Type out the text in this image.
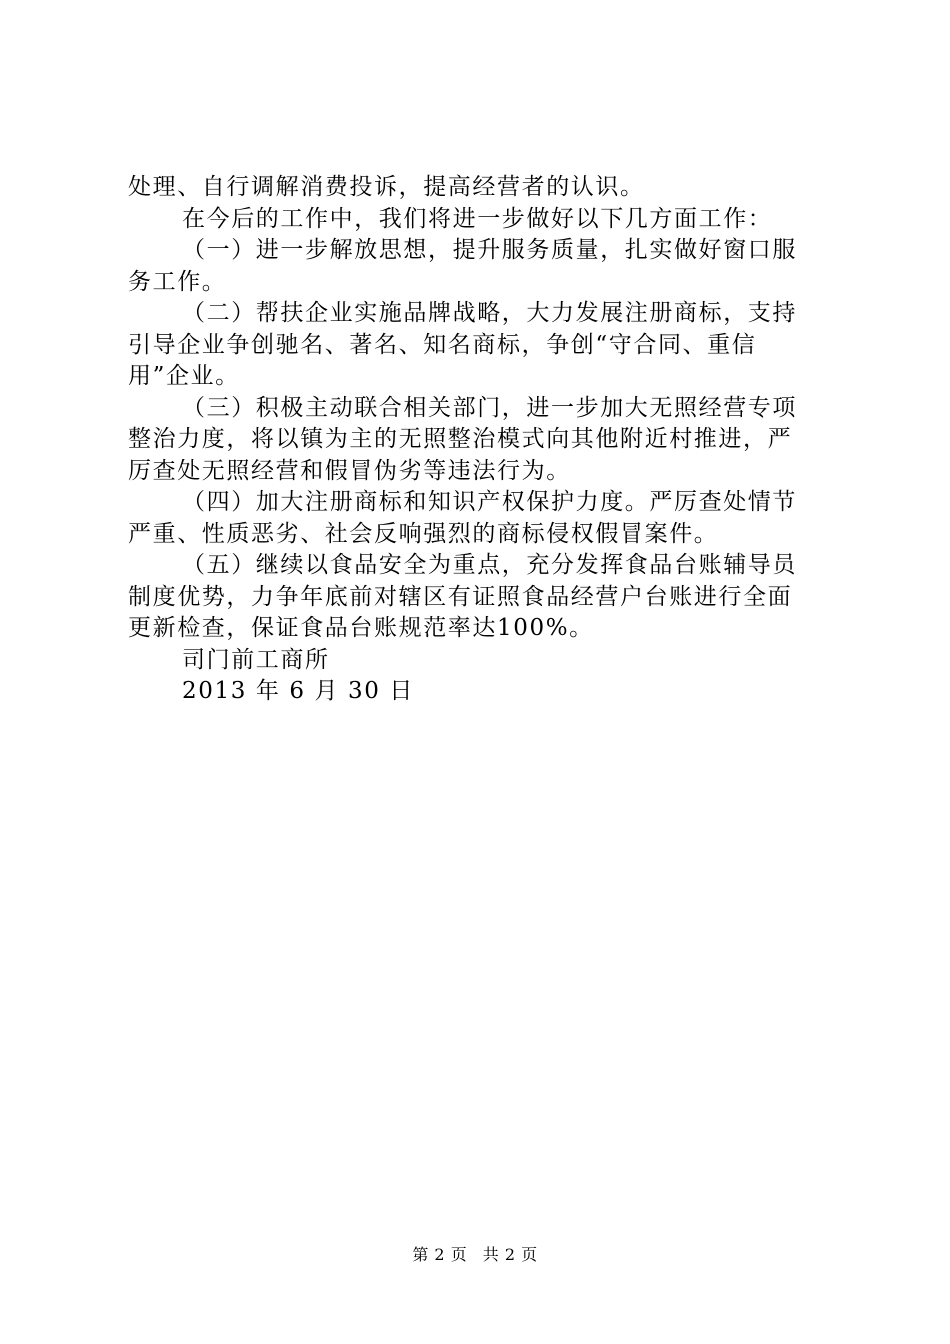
处理、自行调解消费投诉，提高经营者的认识。
在今后的工作中，我们将进一步做好以下几方面工作：
（一）进一步解放思想，提升服务质量，扎实做好窗口服
务工作。
（二）帮扶企业实施品牌战略，大力发展注册商标，支持
引导企业争创驰名、著名、知名商标，争创“守合同、重信
用”企业。
（三）积极主动联合相关部门，进一步加大无照经营专项
整治力度，将以镇为主的无照整治模式向其他附近村推进，严
厉查处无照经营和假冒伪劣等违法行为。
（四）加大注册商标和知识产权保护力度。严厉查处情节
严重、性质恶劣、社会反响强烈的商标侵权假冒案件。
（五）继续以食品安全为重点，充分发挥食品台账辅导员
制度优势，力争年底前对辖区有证照食品经营户台账进行全面
更新检查，保证食品台账规范率达100%。
司门前工商所
2013 年 6 月 30 日
第 2 页 共 2 页
